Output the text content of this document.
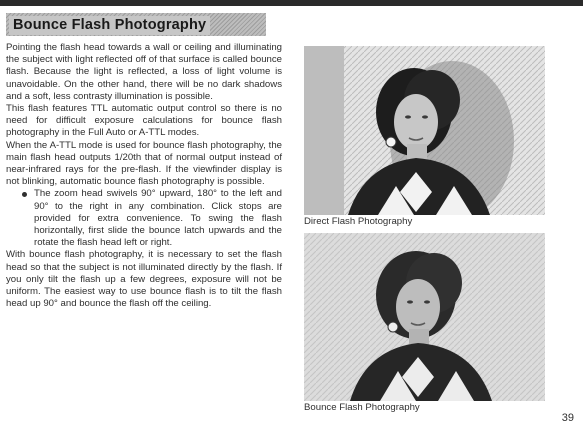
Bounce Flash Photography

Pointing the flash head towards a wall or ceiling and illuminating the subject with light reflected off of that surface is called bounce flash. Because the light is reflected, a loss of light volume is unavoidable. On the other hand, there will be no dark shadows and a soft, less contrasty illumination is possible.

This flash features TTL automatic output control so there is no need for difficult exposure calculations for bounce flash photography in the Full Auto or A-TTL modes.

When the A-TTL mode is used for bounce flash photography, the main flash head outputs 1/20th that of normal output instead of near-infrared rays for the pre-flash. If the viewfinder display is not blinking, automatic bounce flash photography is possible.

The zoom head swivels 90° upward, 180° to the left and 90° to the right in any combination. Click stops are provided for extra convenience. To swing the flash horizontally, first slide the bounce latch upwards and the rotate the flash head left or right.

With bounce flash photography, it is necessary to set the flash head so that the subject is not illuminated directly by the flash. If you only tilt the flash up a few degrees, exposure will not be uniform. The easiest way to use bounce flash is to tilt the flash head up 90° and bounce the flash off the ceiling.

Direct Flash Photography
Bounce Flash Photography
39
